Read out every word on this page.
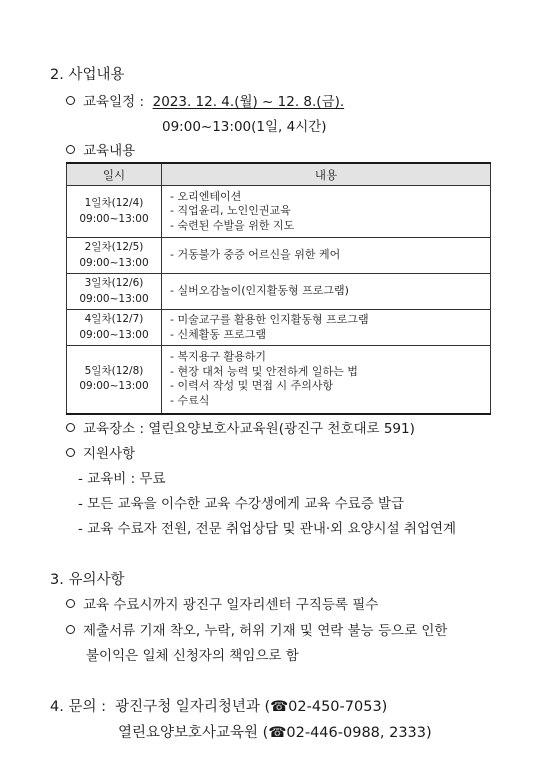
2. 사업내용
교육일정 : 2023. 12. 4.(월) ~ 12. 8.(금).
09:00~13:00(1일, 4시간)
교육내용
일시	내용

1일차(12/4)
09:00~13:00	- 오리엔테이션
- 직업윤리, 노인인권교육
- 숙련된 수발을 위한 지도

2일차(12/5)
09:00~13:00	- 거동불가 중증 어르신을 위한 케어

3일차(12/6)
09:00~13:00	- 실버오감놀이(인지활동형 프로그램)

4일차(12/7)
09:00~13:00	- 미술교구를 활용한 인지활동형 프로그램
- 신체활동 프로그램

5일차(12/8)
09:00~13:00	- 복지용구 활용하기
- 현장 대처 능력 및 안전하게 일하는 법
- 이력서 작성 및 면접 시 주의사항
- 수료식
교육장소 : 열린요양보호사교육원(광진구 천호대로 591)
지원사항
- 교육비 : 무료
- 모든 교육을 이수한 교육 수강생에게 교육 수료증 발급
- 교육 수료자 전원, 전문 취업상담 및 관내·외 요양시설 취업연계
3. 유의사항
교육 수료시까지 광진구 일자리센터 구직등록 필수
제출서류 기재 착오, 누락, 허위 기재 및 연락 불능 등으로 인한
불이익은 일체 신청자의 책임으로 함
4. 문의 : 광진구청 일자리청년과 (☎02-450-7053)
열린요양보호사교육원 (☎02-446-0988, 2333)
